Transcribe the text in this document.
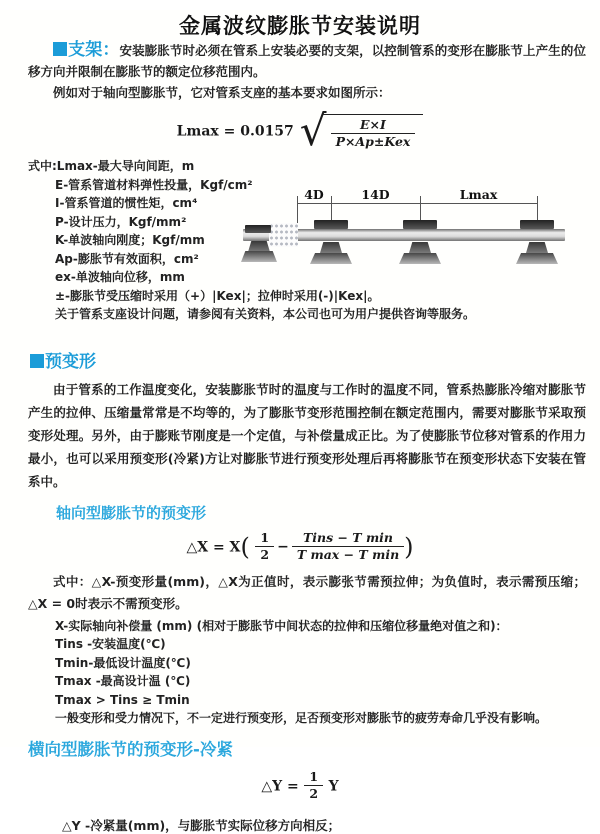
金属波纹膨胀节安装说明

支架：安装膨胀节时必须在管系上安装必要的支架，以控制管系的变形在膨胀节上产生的位移方向并限制在膨胀节的额定位移范围内。

例如对于轴向型膨胀节，它对管系支座的基本要求如图所示：

Lmax = 0.0157 √ $\frac{E\times I}{\text{P×Ap±Kex}}$
式中:Lmax-最大导向间距，m
E-管系管道材料弹性投量，Kgf/cm²
I-管系管道的惯性矩，cm⁴
P-设计压力，Kgf/mm²
K-单波轴向刚度；Kgf/mm
Ap-膨胀节有效面积，cm²
ex-单波轴向位移，mm
±-膨胀节受压缩时采用（+）|Kex|；拉伸时采用(-)|Kex|。
关于管系支座设计问题，请参阅有关资料，本公司也可为用户提供咨询等服务。
4D	14D	Lmax
预变形

由于管系的工作温度变化，安装膨胀节时的温度与工作时的温度不同，管系热膨胀冷缩对膨胀节产生的拉伸、压缩量常常是不均等的，为了膨胀节变形范围控制在额定范围内，需要对膨胀节采取预变形处理。另外，由于膨账节刚度是一个定值，与补偿量成正比。为了使膨胀节位移对管系的作用力最小，也可以采用预变形(冷紧)方让对膨胀节进行预变形处理后再将膨胀节在预变形状态下安装在管系中。

轴向型膨胀节的预变形
△X = $X( \frac{1}{2} - \frac{\text{Tins − T min}}{\text{T max − T min}}$ )

式中：△X-预变形量(mm)，△X为正值时，表示膨张节需预拉伸；为负值时，表示需预压缩；△X = 0时表示不需预变形。

X-实际轴向补偿量 (mm) (相对于膨胀节中间状态的拉伸和压缩位移量绝对值之和)：
Tins -安装温度(℃)
Tmin-最低设计温度(℃)
Tmax -最高设计温 (℃)
Tmax > Tins ≥ Tmin
一般变形和受力情况下，不一定进行预变形，足否预变形对膨胀节的疲劳寿命几乎没有影响。
横向型膨胀节的预变形-冷紧
△Y = $\frac{1}{2}$ Y

△Y -冷紧量(mm)，与膨胀节实际位移方向相反；
